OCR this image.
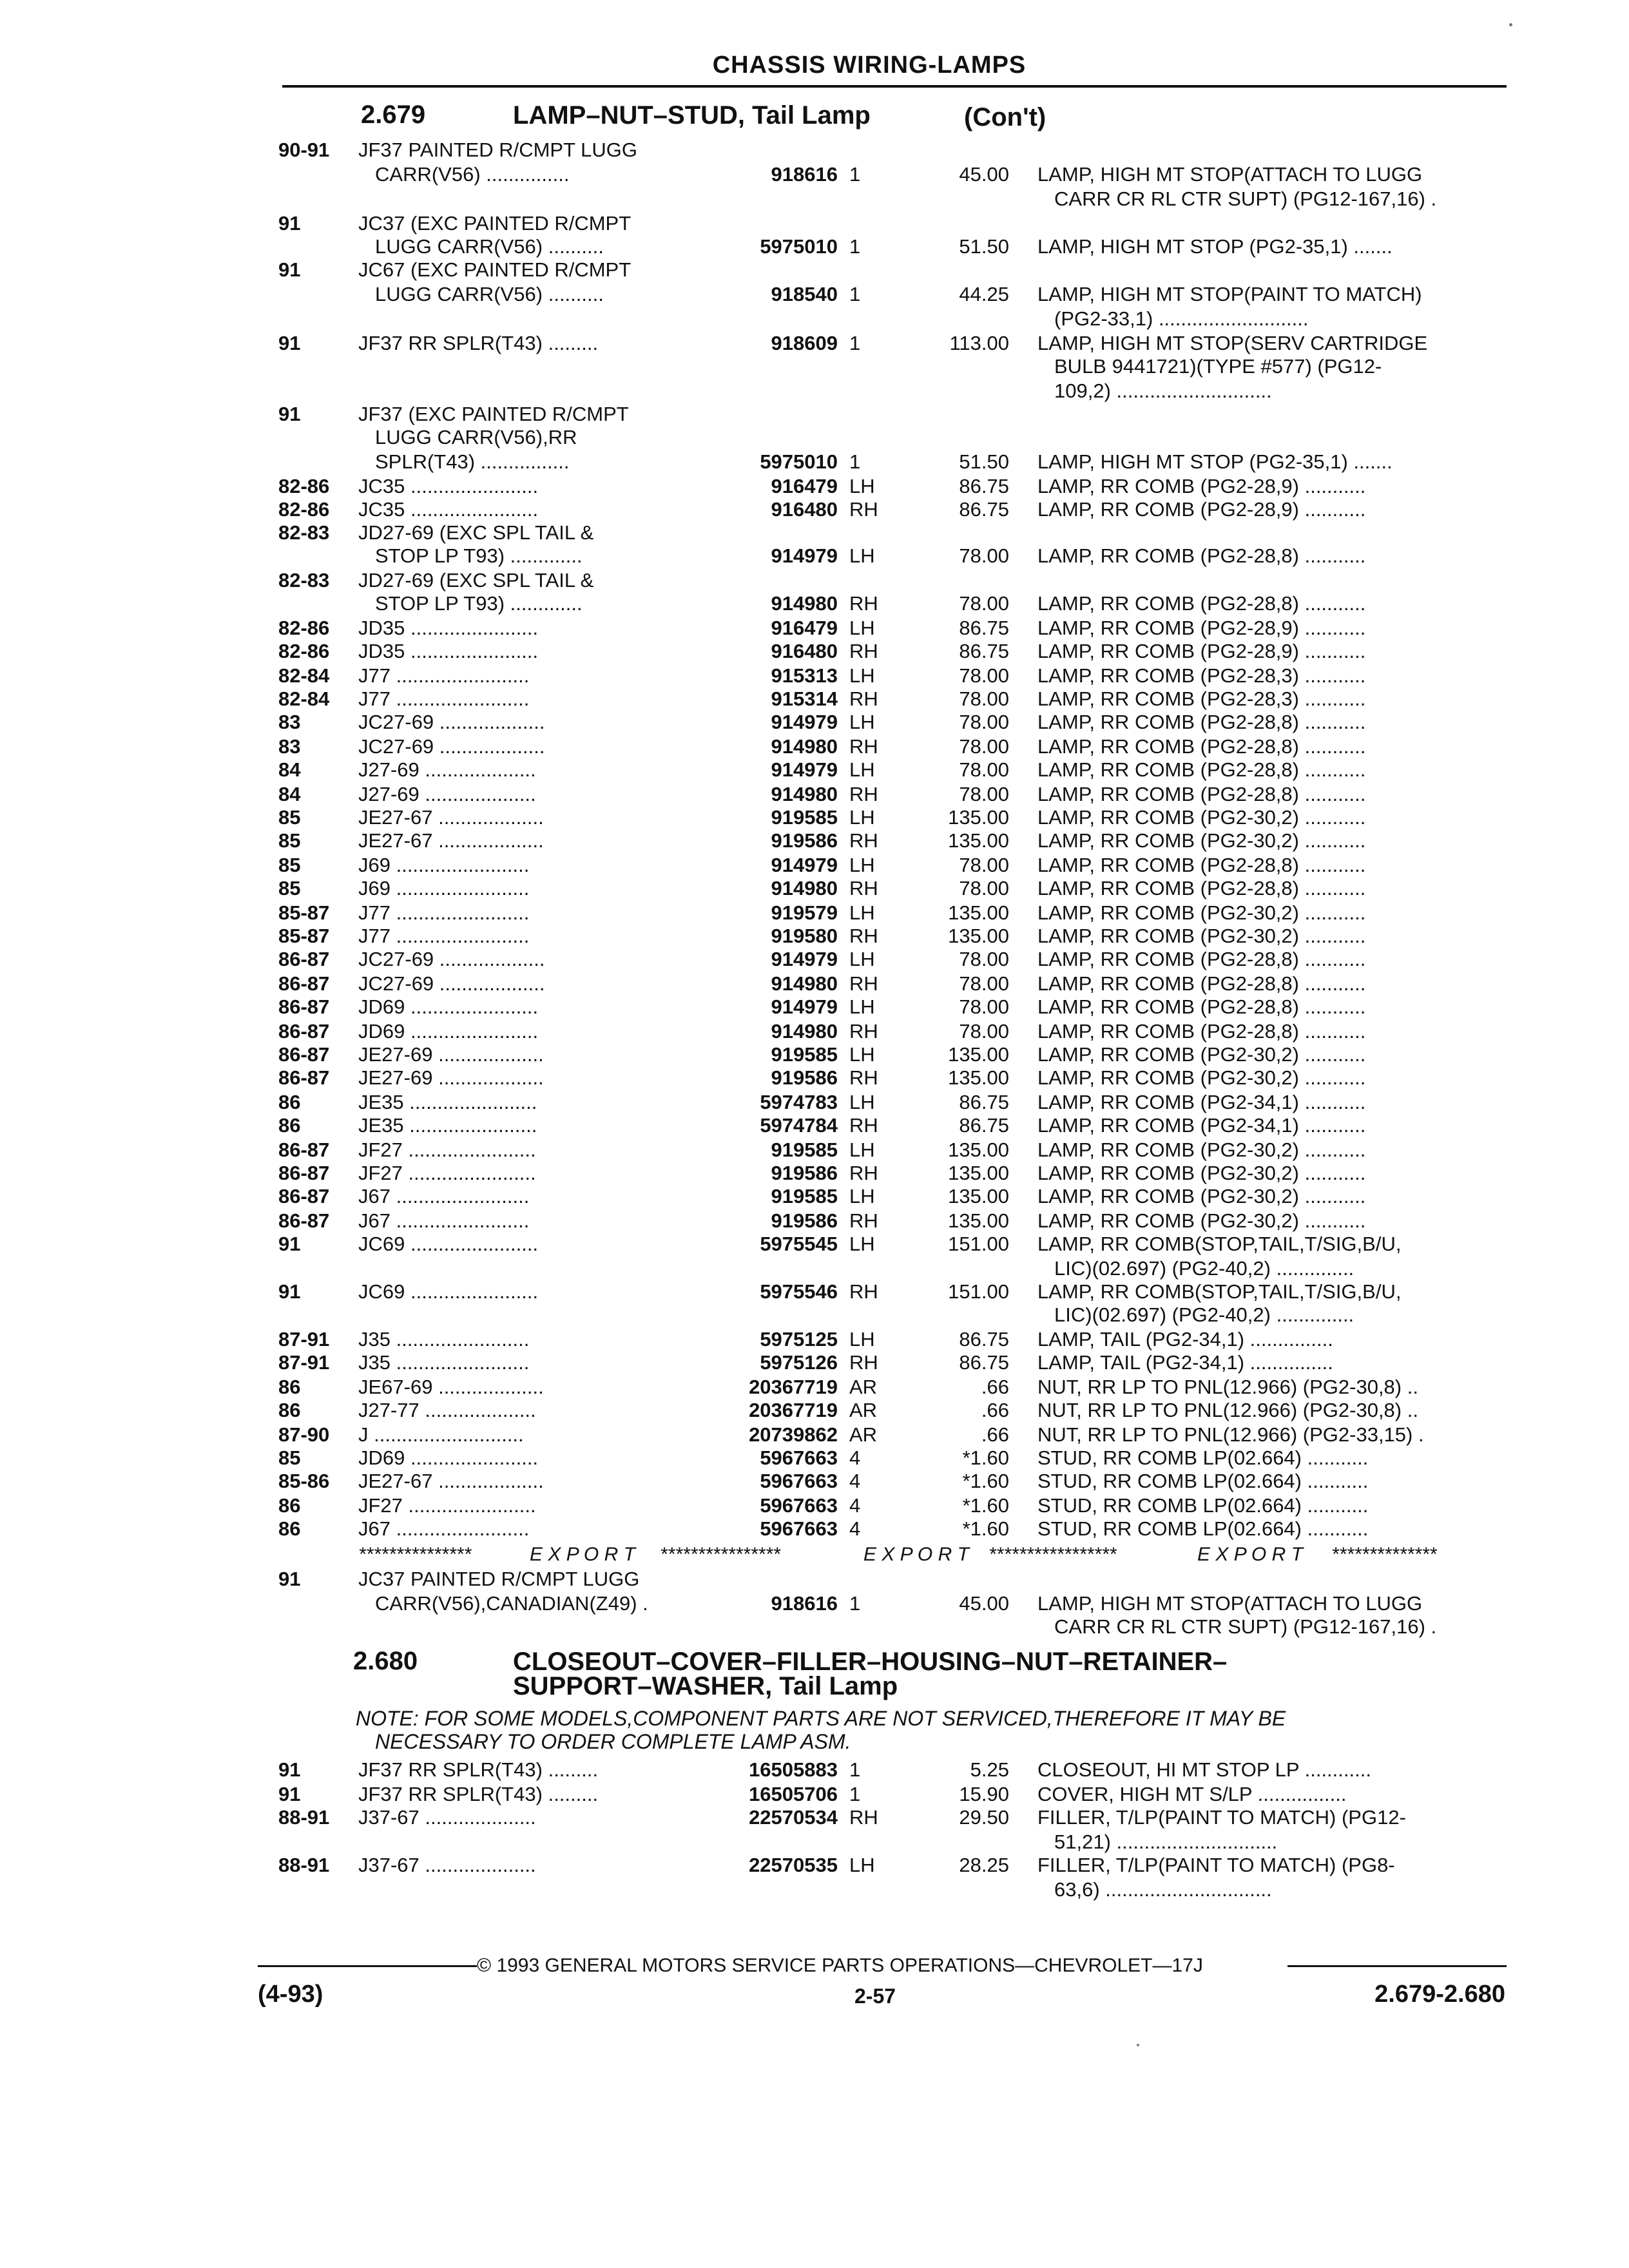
CHASSIS WIRING-LAMPS
2.679	LAMP–NUT–STUD, Tail Lamp	(Con't)
90-91 JF37 PAINTED R/CMPT LUGG
CARR(V56) ...............	918616 1	45.00 LAMP, HIGH MT STOP(ATTACH TO LUGG
CARR CR RL CTR SUPT) (PG12-167,16) .
91	JC37 (EXC PAINTED R/CMPT
LUGG CARR(V56) ..........	5975010 1	51.50 LAMP, HIGH MT STOP (PG2-35,1) .......
91	JC67 (EXC PAINTED R/CMPT
LUGG CARR(V56) ..........	918540 1	44.25 LAMP, HIGH MT STOP(PAINT TO MATCH)
(PG2-33,1) ...........................
91	JF37 RR SPLR(T43) .........	918609 1	113.00 LAMP, HIGH MT STOP(SERV CARTRIDGE
BULB 9441721)(TYPE #577) (PG12-
109,2) ............................
91	JF37 (EXC PAINTED R/CMPT
LUGG CARR(V56),RR
SPLR(T43) ................	5975010 1	51.50 LAMP, HIGH MT STOP (PG2-35,1) .......
82-86 JC35 .......................	916479 LH	86.75 LAMP, RR COMB (PG2-28,9) ...........
82-86 JC35 .......................	916480 RH	86.75 LAMP, RR COMB (PG2-28,9) ...........
82-83 JD27-69 (EXC SPL TAIL &
STOP LP T93) .............	914979 LH	78.00 LAMP, RR COMB (PG2-28,8) ...........
82-83 JD27-69 (EXC SPL TAIL &
STOP LP T93) .............	914980 RH	78.00 LAMP, RR COMB (PG2-28,8) ...........
82-86 JD35 .......................	916479 LH	86.75 LAMP, RR COMB (PG2-28,9) ...........
82-86 JD35 .......................	916480 RH	86.75 LAMP, RR COMB (PG2-28,9) ...........
82-84 J77 ........................	915313 LH	78.00 LAMP, RR COMB (PG2-28,3) ...........
82-84 J77 ........................	915314 RH	78.00 LAMP, RR COMB (PG2-28,3) ...........
83	JC27-69 ...................	914979 LH	78.00 LAMP, RR COMB (PG2-28,8) ...........
83	JC27-69 ...................	914980 RH	78.00 LAMP, RR COMB (PG2-28,8) ...........
84	J27-69 ....................	914979 LH	78.00 LAMP, RR COMB (PG2-28,8) ...........
84	J27-69 ....................	914980 RH	78.00 LAMP, RR COMB (PG2-28,8) ...........
85	JE27-67 ...................	919585 LH	135.00 LAMP, RR COMB (PG2-30,2) ...........
85	JE27-67 ...................	919586 RH	135.00 LAMP, RR COMB (PG2-30,2) ...........
85	J69 ........................	914979 LH	78.00 LAMP, RR COMB (PG2-28,8) ...........
85	J69 ........................	914980 RH	78.00 LAMP, RR COMB (PG2-28,8) ...........
85-87 J77 ........................	919579 LH	135.00 LAMP, RR COMB (PG2-30,2) ...........
85-87 J77 ........................	919580 RH	135.00 LAMP, RR COMB (PG2-30,2) ...........
86-87 JC27-69 ...................	914979 LH	78.00 LAMP, RR COMB (PG2-28,8) ...........
86-87 JC27-69 ...................	914980 RH	78.00 LAMP, RR COMB (PG2-28,8) ...........
86-87 JD69 .......................	914979 LH	78.00 LAMP, RR COMB (PG2-28,8) ...........
86-87 JD69 .......................	914980 RH	78.00 LAMP, RR COMB (PG2-28,8) ...........
86-87 JE27-69 ...................	919585 LH	135.00 LAMP, RR COMB (PG2-30,2) ...........
86-87 JE27-69 ...................	919586 RH	135.00 LAMP, RR COMB (PG2-30,2) ...........
86	JE35 .......................	5974783 LH	86.75 LAMP, RR COMB (PG2-34,1) ...........
86	JE35 .......................	5974784 RH	86.75 LAMP, RR COMB (PG2-34,1) ...........
86-87 JF27 .......................	919585 LH	135.00 LAMP, RR COMB (PG2-30,2) ...........
86-87 JF27 .......................	919586 RH	135.00 LAMP, RR COMB (PG2-30,2) ...........
86-87 J67 ........................	919585 LH	135.00 LAMP, RR COMB (PG2-30,2) ...........
86-87 J67 ........................	919586 RH	135.00 LAMP, RR COMB (PG2-30,2) ...........
91	JC69 .......................	5975545 LH	151.00 LAMP, RR COMB(STOP,TAIL,T/SIG,B/U,
LIC)(02.697) (PG2-40,2) ..............
91	JC69 .......................	5975546 RH	151.00 LAMP, RR COMB(STOP,TAIL,T/SIG,B/U,
LIC)(02.697) (PG2-40,2) ..............
87-91 J35 ........................	5975125 LH	86.75 LAMP, TAIL (PG2-34,1) ...............
87-91 J35 ........................	5975126 RH	86.75 LAMP, TAIL (PG2-34,1) ...............
86	JE67-69 ...................	20367719 AR	.66 NUT, RR LP TO PNL(12.966) (PG2-30,8) ..
86	J27-77 ....................	20367719 AR	.66 NUT, RR LP TO PNL(12.966) (PG2-30,8) ..
87-90 J ...........................	20739862 AR	.66 NUT, RR LP TO PNL(12.966) (PG2-33,15) .
85	JD69 .......................	5967663 4	*1.60 STUD, RR COMB LP(02.664) ...........
85-86 JE27-67 ...................	5967663 4	*1.60 STUD, RR COMB LP(02.664) ...........
86	JF27 .......................	5967663 4	*1.60 STUD, RR COMB LP(02.664) ...........
86	J67 ........................	5967663 4	*1.60 STUD, RR COMB LP(02.664) ...........
91	JC37 PAINTED R/CMPT LUGG
CARR(V56),CANADIAN(Z49) .	918616 1	45.00 LAMP, HIGH MT STOP(ATTACH TO LUGG
CARR CR RL CTR SUPT) (PG12-167,16) .

***************

	E X P O R T

****************

	E X P O R T

*****************

	E X P O R T

**************

2.680	CLOSEOUT–COVER–FILLER–HOUSING–NUT–RETAINER–
SUPPORT–WASHER, Tail Lamp
NOTE: FOR SOME MODELS,COMPONENT PARTS ARE NOT SERVICED,THEREFORE IT MAY BE
NECESSARY TO ORDER COMPLETE LAMP ASM.
91	JF37 RR SPLR(T43) .........	16505883 1	5.25 CLOSEOUT, HI MT STOP LP ............
91	JF37 RR SPLR(T43) .........	16505706 1	15.90 COVER, HIGH MT S/LP ................
88-91 J37-67 ....................	22570534 RH	29.50 FILLER, T/LP(PAINT TO MATCH) (PG12-
51,21) .............................
88-91 J37-67 ....................	22570535 LH	28.25 FILLER, T/LP(PAINT TO MATCH) (PG8-
63,6) ..............................
© 1993 GENERAL MOTORS SERVICE PARTS OPERATIONS—CHEVROLET—17J
(4-93)	2-57	2.679-2.680
